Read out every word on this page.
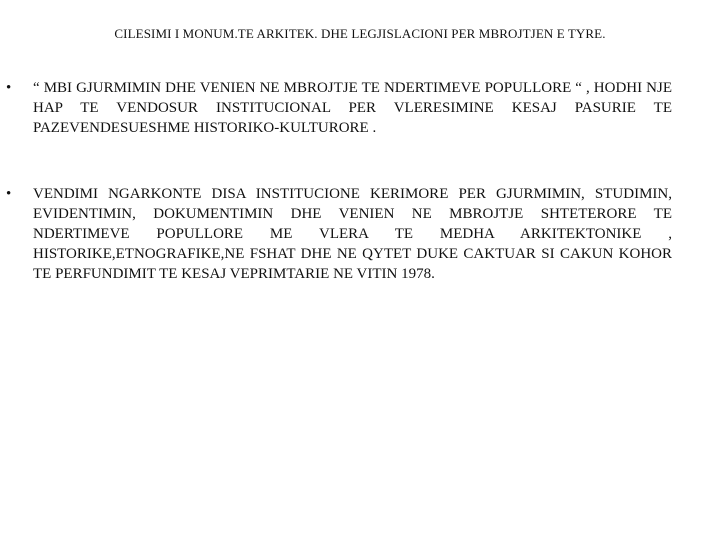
CILESIMI I MONUM.TE ARKITEK. DHE LEGJISLACIONI PER MBROJTJEN E TYRE.
• “ MBI GJURMIMIN DHE VENIEN NE MBROJTJE TE NDERTIMEVE POPULLORE “ , HODHI NJE HAP TE VENDOSUR INSTITUCIONAL PER VLERESIMINE KESAJ PASURIE TE PAZEVENDESUESHME HISTORIKO-KULTURORE .
• VENDIMI NGARKONTE DISA INSTITUCIONE KERIMORE PER GJURMIMIN, STUDIMIN, EVIDENTIMIN, DOKUMENTIMIN DHE VENIEN NE MBROJTJE SHTETERORE TE NDERTIMEVE POPULLORE ME VLERA TE MEDHA ARKITEKTONIKE , HISTORIKE,ETNOGRAFIKE,NE FSHAT DHE NE QYTET DUKE CAKTUAR SI CAKUN KOHOR TE PERFUNDIMIT TE KESAJ VEPRIMTARIE NE VITIN 1978.
